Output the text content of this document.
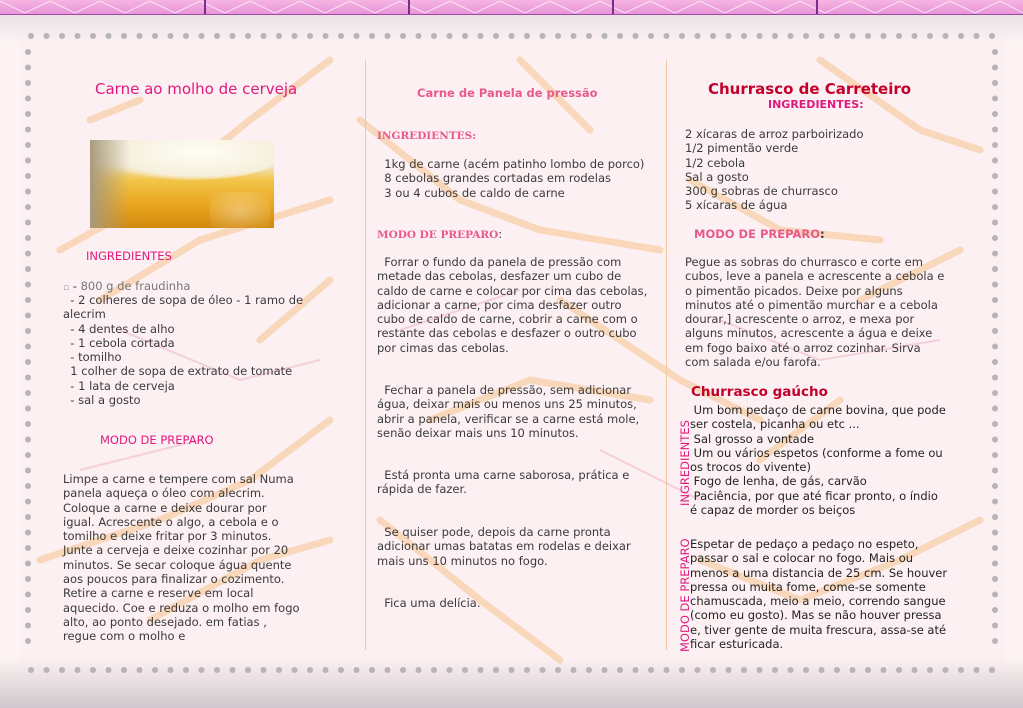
Carne ao molho de cerveja
INGREDIENTES
▫ - 800 g de fraudinha
- 2 colheres de sopa de óleo - 1 ramo de
alecrim
- 4 dentes de alho
- 1 cebola cortada
- tomilho
1 colher de sopa de extrato de tomate
- 1 lata de cerveja
- sal a gosto
MODO DE PREPARO
Limpe a carne e tempere com sal Numa
panela aqueça o óleo com alecrim.
Coloque a carne e deixe dourar por
igual. Acrescente o algo, a cebola e o
tomilho e deixe fritar por 3 minutos.
Junte a cerveja e deixe cozinhar por 20
minutos. Se secar coloque água quente
aos poucos para finalizar o cozimento.
Retire a carne e reserve em local
aquecido. Coe e reduza o molho em fogo
alto, ao ponto desejado. em fatias ,
regue com o molho e
Carne de Panela de pressão
INGREDIENTES:
1kg de carne (acém patinho lombo de porco)
8 cebolas grandes cortadas em rodelas
3 ou 4 cubos de caldo de carne
MODO DE PREPARO:
Forrar o fundo da panela de pressão com
metade das cebolas, desfazer um cubo de
caldo de carne e colocar por cima das cebolas,
adicionar a carne, por cima desfazer outro
cubo de caldo de carne, cobrir a carne com o
restante das cebolas e desfazer o outro cubo
por cimas das cebolas.
Fechar a panela de pressão, sem adicionar
água, deixar mais ou menos uns 25 minutos,
abrir a panela, verificar se a carne está mole,
senão deixar mais uns 10 minutos.
Está pronta uma carne saborosa, prática e
rápida de fazer.
Se quiser pode, depois da carne pronta
adicionar umas batatas em rodelas e deixar
mais uns 10 minutos no fogo.
Fica uma delícia.
Churrasco de Carreteiro
INGREDIENTES:
2 xícaras de arroz parboirizado
1/2 pimentão verde
1/2 cebola
Sal a gosto
300 g sobras de churrasco
5 xícaras de água
MODO DE PREPARO:
Pegue as sobras do churrasco e corte em
cubos, leve a panela e acrescente a cebola e
o pimentão picados. Deixe por alguns
minutos até o pimentão murchar e a cebola
dourar,] acrescente o arroz, e mexa por
alguns minutos, acrescente a água e deixe
em fogo baixo até o arroz cozinhar. Sirva
com salada e/ou farofa.
Churrasco gaúcho
INGREDIENTES
MODO DE PREPARO
Um bom pedaço de carne bovina, que pode
ser costela, picanha ou etc ...
Sal grosso a vontade
Um ou vários espetos (conforme a fome ou
os trocos do vivente)
Fogo de lenha, de gás, carvão
Paciência, por que até ficar pronto, o índio
é capaz de morder os beiços
Espetar de pedaço a pedaço no espeto,
passar o sal e colocar no fogo. Mais ou
menos a uma distancia de 25 cm. Se houver
pressa ou muita fome, come-se somente
chamuscada, meio a meio, correndo sangue
(como eu gosto). Mas se não houver pressa
e, tiver gente de muita frescura, assa-se até
ficar esturicada.
